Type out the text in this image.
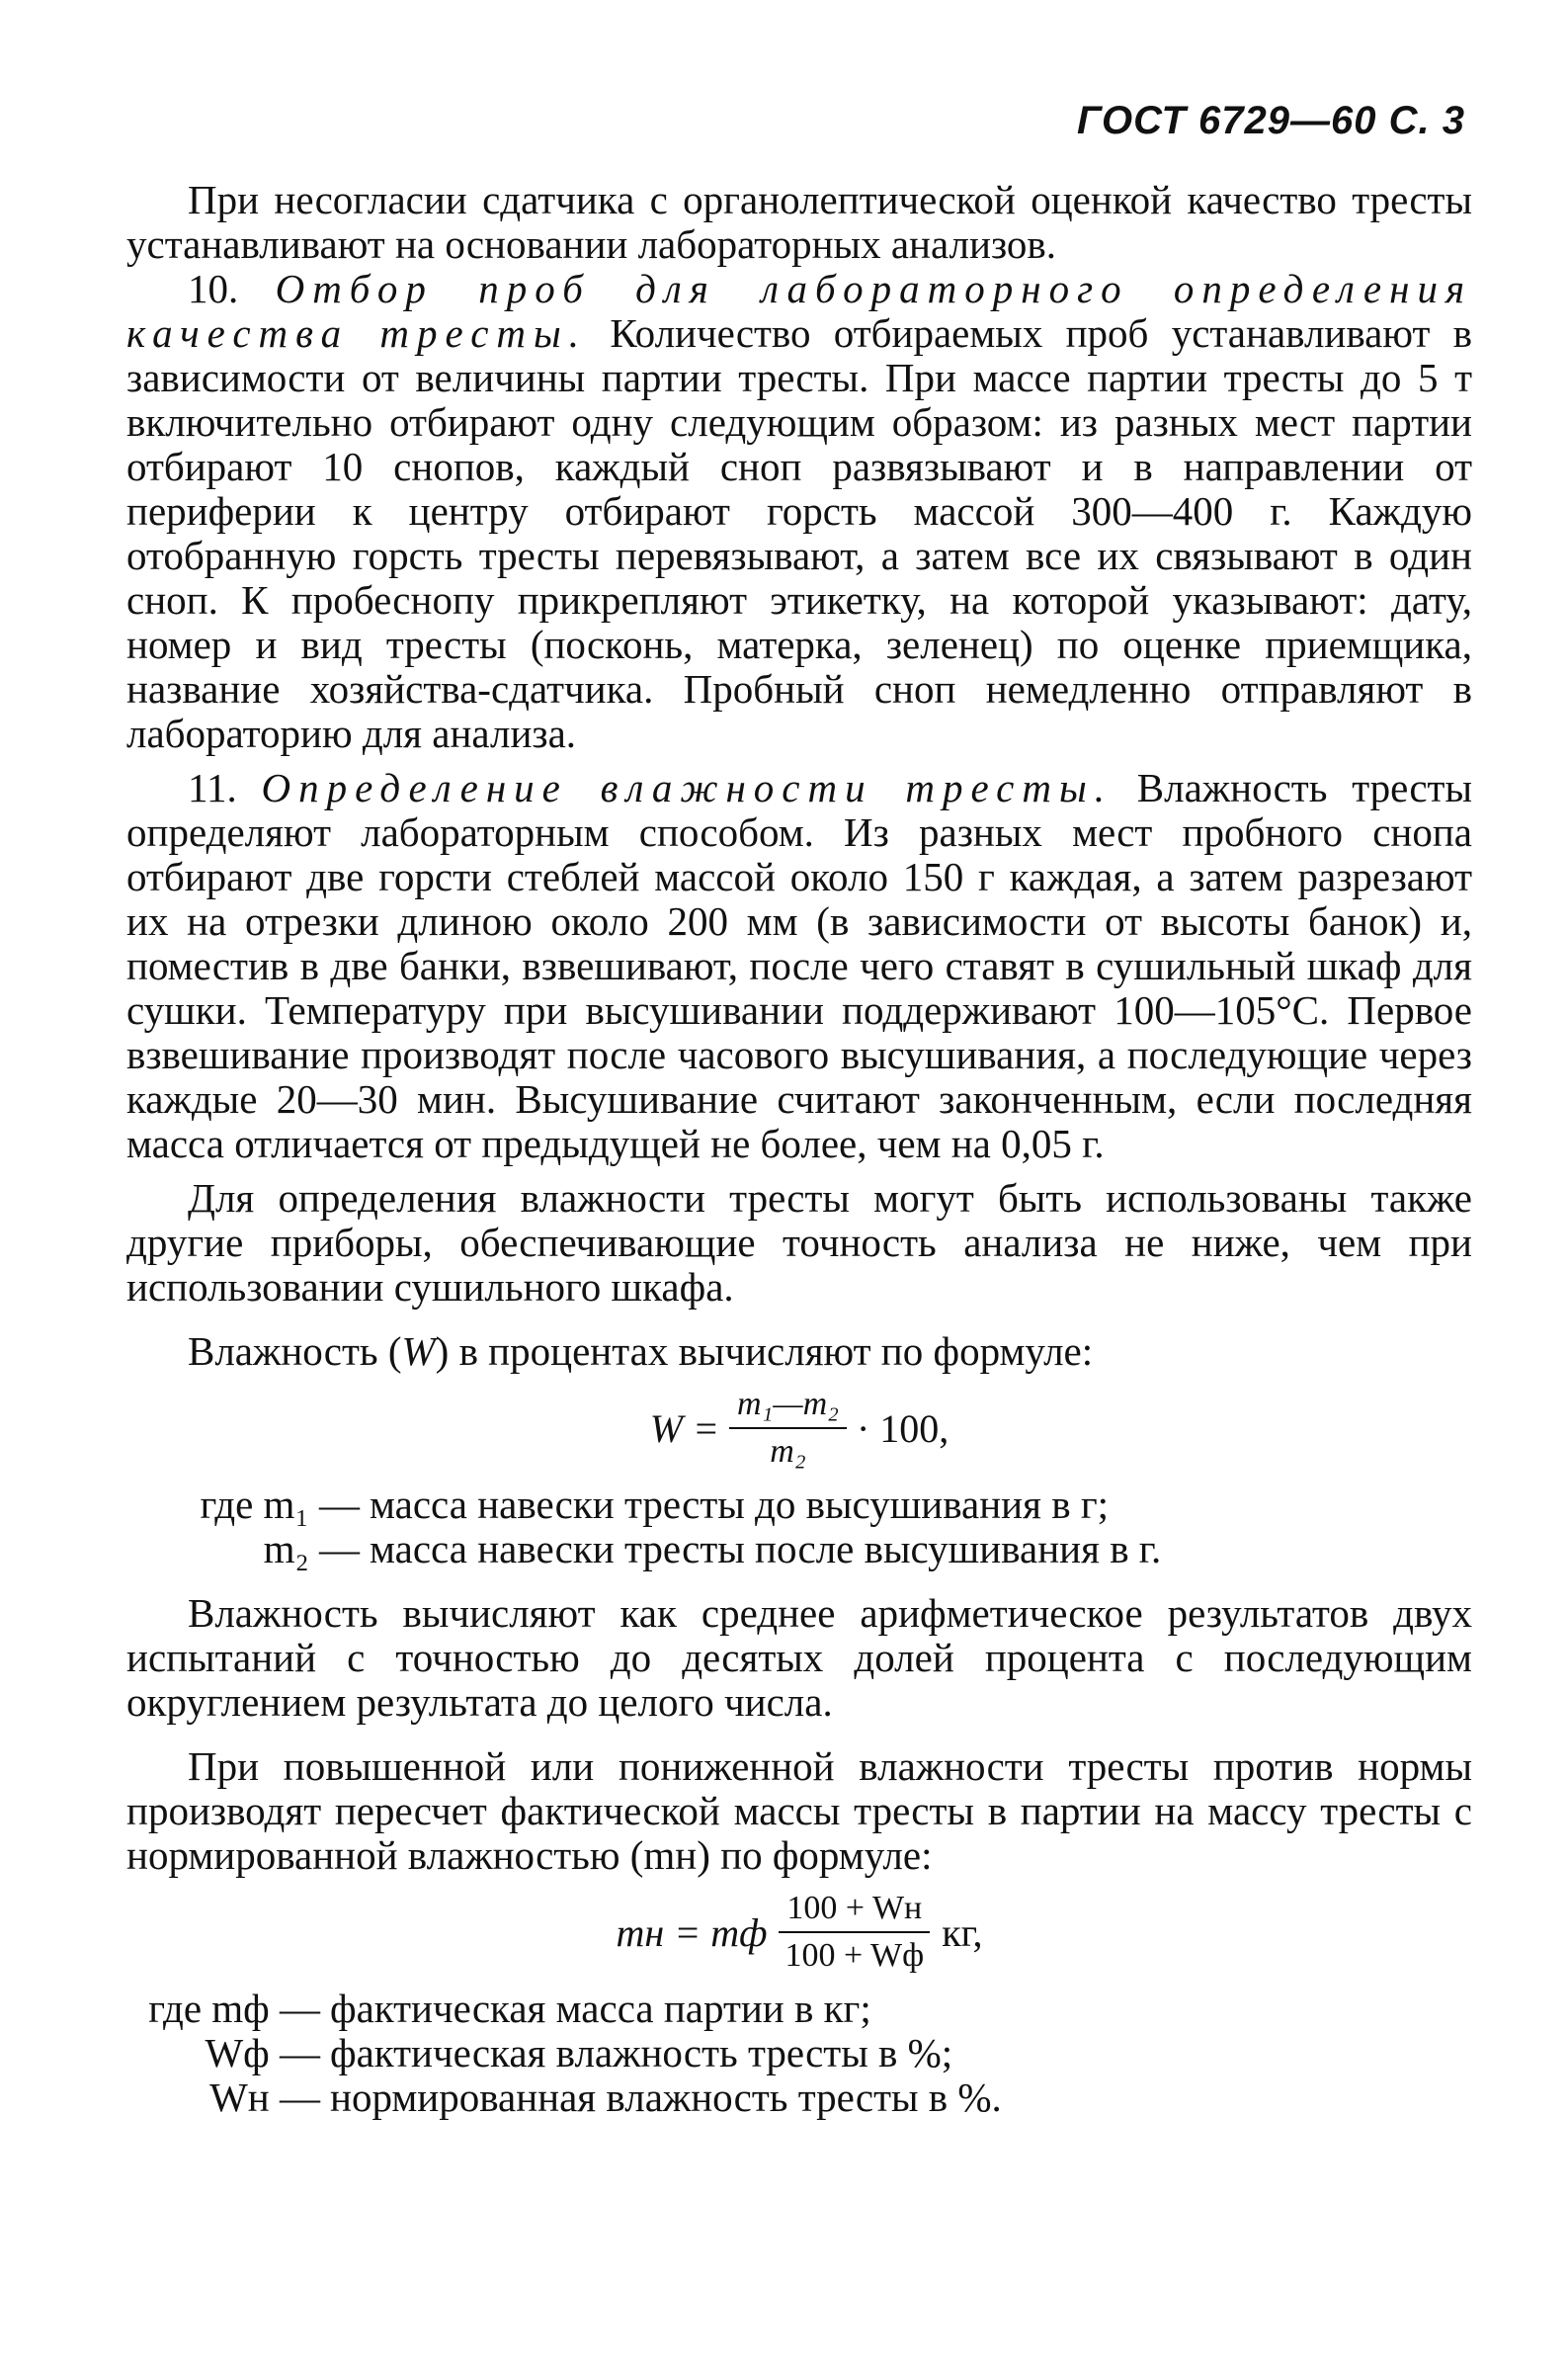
ГОСТ 6729—60 С. 3

При несогласии сдатчика с органолептической оценкой качество тресты устанавливают на основании лабораторных анализов.

10. Отбор проб для лабораторного определения качества тресты. Количество отбираемых проб устанавливают в зависимости от величины партии тресты. При массе партии тресты до 5 т включительно отбирают одну следующим образом: из разных мест партии отбирают 10 снопов, каждый сноп развязывают и в направлении от периферии к центру отбирают горсть массой 300—400 г. Каждую отобранную горсть тресты перевязывают, а затем все их связывают в один сноп. К пробеснопу прикрепляют этикетку, на которой указывают: дату, номер и вид тресты (посконь, матерка, зеленец) по оценке приемщика, название хозяйства-сдатчика. Пробный сноп немедленно отправляют в лабораторию для анализа.

11. Определение влажности тресты. Влажность тресты определяют лабораторным способом. Из разных мест пробного снопа отбирают две горсти стеблей массой около 150 г каждая, а затем разрезают их на отрезки длиною около 200 мм (в зависимости от высоты банок) и, поместив в две банки, взвешивают, после чего ставят в сушильный шкаф для сушки. Температуру при высушивании поддерживают 100—105°С. Первое взвешивание производят после часового высушивания, а последующие через каждые 20—30 мин. Высушивание считают законченным, если последняя масса отличается от предыдущей не более, чем на 0,05 г.

Для определения влажности тресты могут быть использованы также другие приборы, обеспечивающие точность анализа не ниже, чем при использовании сушильного шкафа.

Влажность (W) в процентах вычисляют по формуле:

$W = \frac{\text{m₁—m₂}}{\text{m₂}} \cdot 100$,
где m₁ — масса навески тресты до высушивания в г;
m₂ — масса навески тресты после высушивания в г.

Влажность вычисляют как среднее арифметическое результатов двух испытаний с точностью до десятых долей процента с последующим округлением результата до целого числа.

При повышенной или пониженной влажности тресты против нормы производят пересчет фактической массы тресты в партии на массу тресты с нормированной влажностью (mн) по формуле:

mн = mф $\frac{100 + Wн}{100 + Wф}$ кг,
где mф — фактическая масса партии в кг;
Wф — фактическая влажность тресты в %;
Wн — нормированная влажность тресты в %.
